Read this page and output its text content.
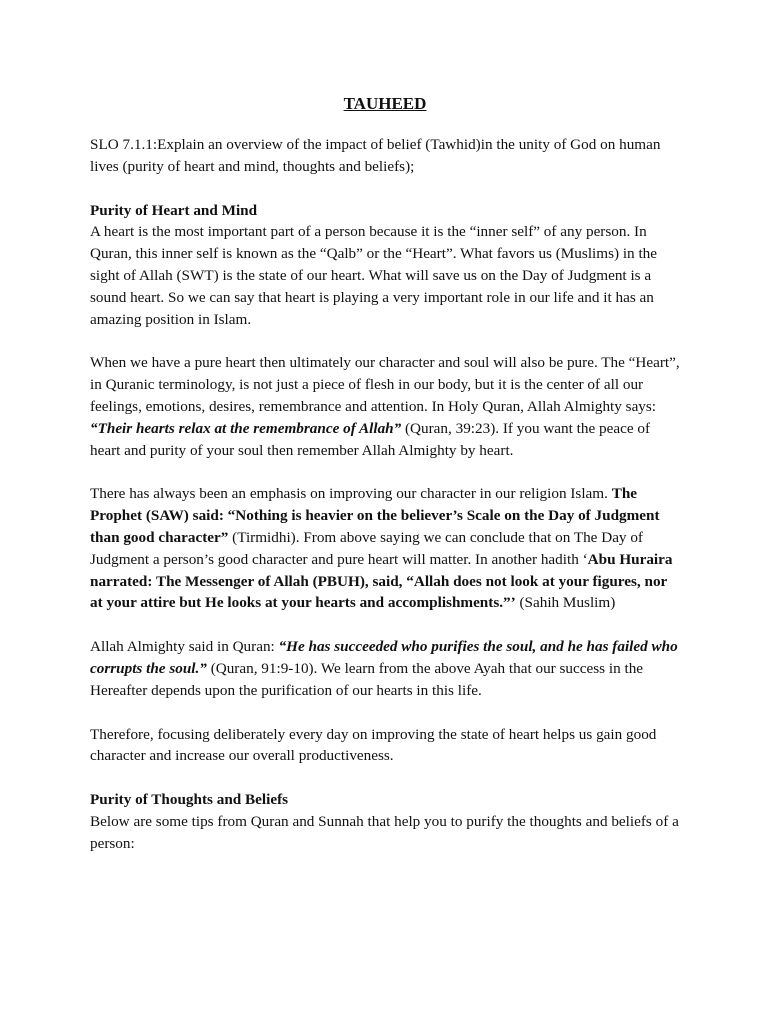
TAUHEED

SLO 7.1.1:Explain an overview of the impact of belief (Tawhid)in the unity of God on human lives (purity of heart and mind, thoughts and beliefs);

Purity of Heart and Mind
A heart is the most important part of a person because it is the “inner self” of any person. In Quran, this inner self is known as the “Qalb” or the “Heart”. What favors us (Muslims) in the sight of Allah (SWT) is the state of our heart. What will save us on the Day of Judgment is a sound heart. So we can say that heart is playing a very important role in our life and it has an amazing position in Islam.

When we have a pure heart then ultimately our character and soul will also be pure. The “Heart”, in Quranic terminology, is not just a piece of flesh in our body, but it is the center of all our feelings, emotions, desires, remembrance and attention. In Holy Quran, Allah Almighty says: “Their hearts relax at the remembrance of Allah” (Quran, 39:23). If you want the peace of heart and purity of your soul then remember Allah Almighty by heart.

There has always been an emphasis on improving our character in our religion Islam. The Prophet (SAW) said: “Nothing is heavier on the believer’s Scale on the Day of Judgment than good character” (Tirmidhi). From above saying we can conclude that on The Day of Judgment a person’s good character and pure heart will matter. In another hadith ‘Abu Huraira narrated: The Messenger of Allah (PBUH), said, “Allah does not look at your figures, nor at your attire but He looks at your hearts and accomplishments.”’ (Sahih Muslim)

Allah Almighty said in Quran: “He has succeeded who purifies the soul, and he has failed who corrupts the soul.” (Quran, 91:9-10). We learn from the above Ayah that our success in the Hereafter depends upon the purification of our hearts in this life.

Therefore, focusing deliberately every day on improving the state of heart helps us gain good character and increase our overall productiveness.

Purity of Thoughts and Beliefs
Below are some tips from Quran and Sunnah that help you to purify the thoughts and beliefs of a person:
